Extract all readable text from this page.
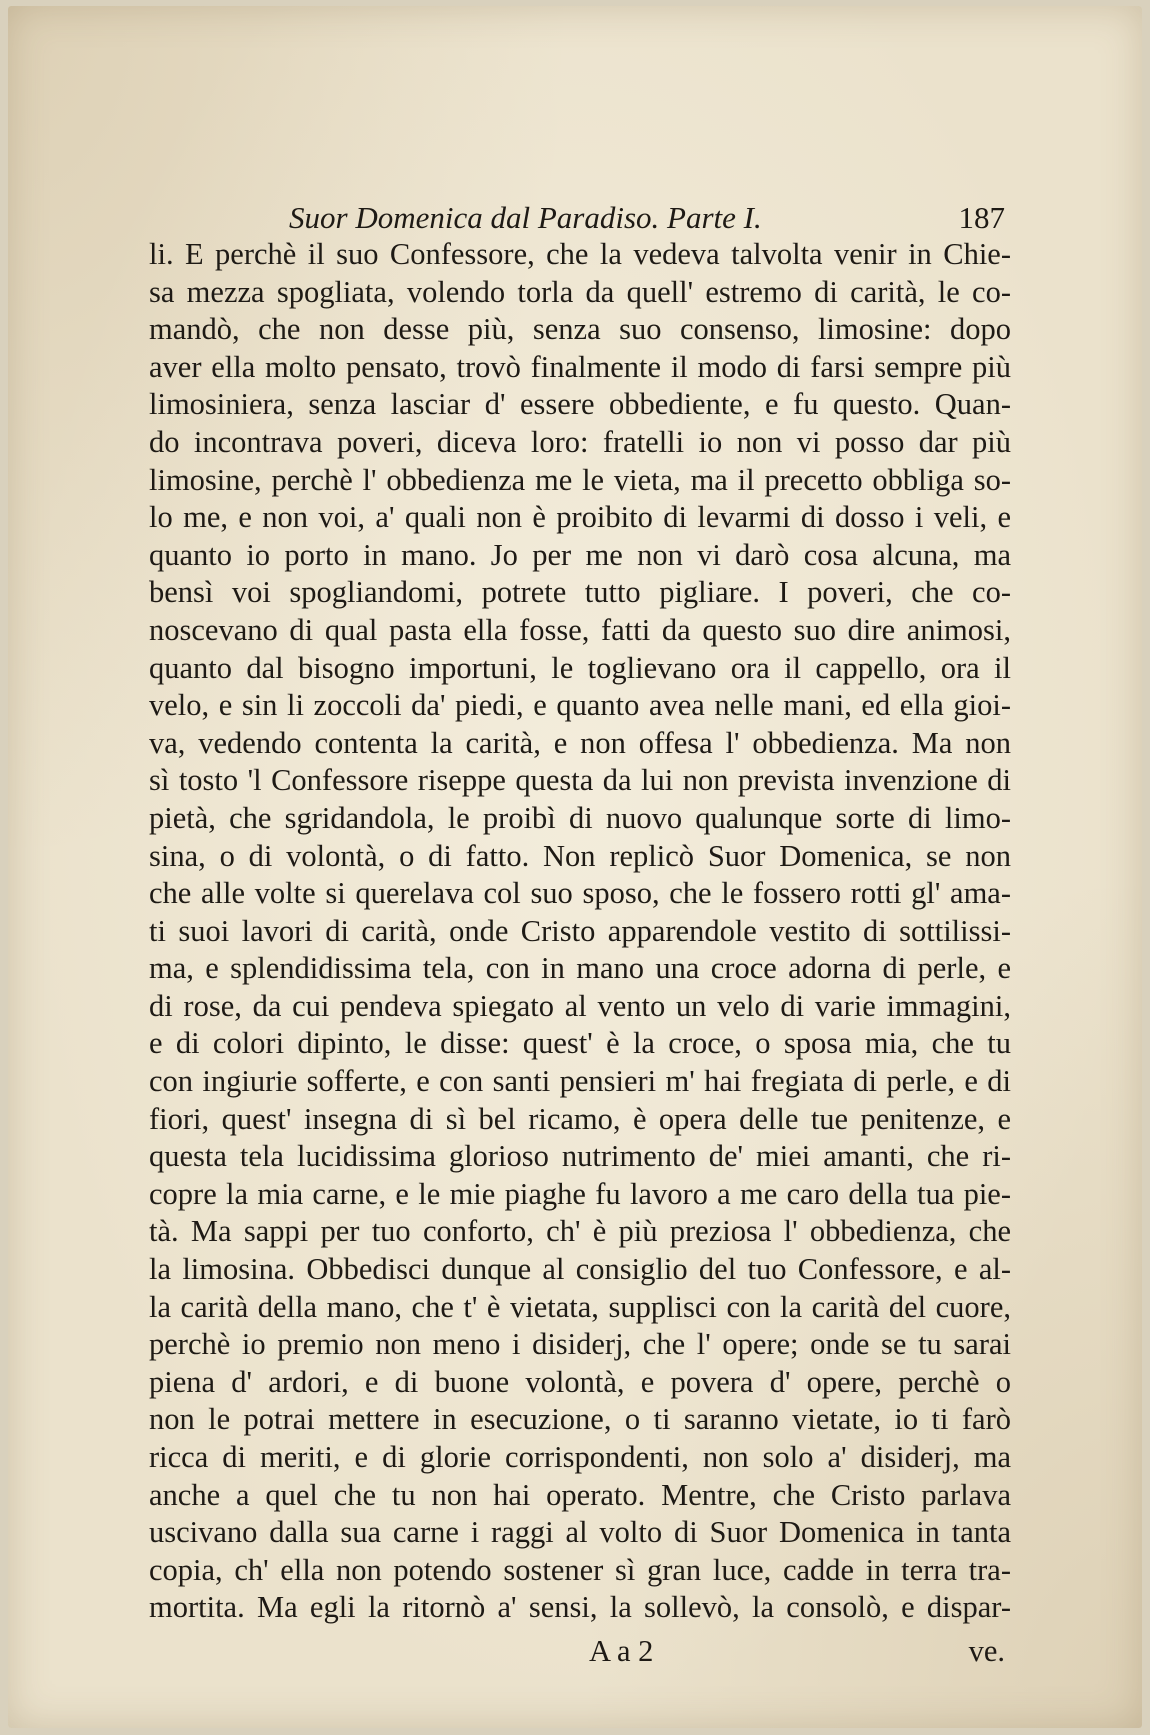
Suor Domenica dal Paradiso. Parte I.	187
li. E perchè il suo Confessore, che la vedeva talvolta venir in Chie-
sa mezza spogliata, volendo torla da quell' estremo di carità, le co-
mandò, che non desse più, senza suo consenso, limosine: dopo
aver ella molto pensato, trovò finalmente il modo di farsi sempre più
limosiniera, senza lasciar d' essere obbediente, e fu questo. Quan-
do incontrava poveri, diceva loro: fratelli io non vi posso dar più
limosine, perchè l' obbedienza me le vieta, ma il precetto obbliga so-
lo me, e non voi, a' quali non è proibito di levarmi di dosso i veli, e
quanto io porto in mano. Jo per me non vi darò cosa alcuna, ma
bensì voi spogliandomi, potrete tutto pigliare. I poveri, che co-
noscevano di qual pasta ella fosse, fatti da questo suo dire animosi,
quanto dal bisogno importuni, le toglievano ora il cappello, ora il
velo, e sin li zoccoli da' piedi, e quanto avea nelle mani, ed ella gioi-
va, vedendo contenta la carità, e non offesa l' obbedienza. Ma non
sì tosto 'l Confessore riseppe questa da lui non prevista invenzione di
pietà, che sgridandola, le proibì di nuovo qualunque sorte di limo-
sina, o di volontà, o di fatto. Non replicò Suor Domenica, se non
che alle volte si querelava col suo sposo, che le fossero rotti gl' ama-
ti suoi lavori di carità, onde Cristo apparendole vestito di sottilissi-
ma, e splendidissima tela, con in mano una croce adorna di perle, e
di rose, da cui pendeva spiegato al vento un velo di varie immagini,
e di colori dipinto, le disse: quest' è la croce, o sposa mia, che tu
con ingiurie sofferte, e con santi pensieri m' hai fregiata di perle, e di
fiori, quest' insegna di sì bel ricamo, è opera delle tue penitenze, e
questa tela lucidissima glorioso nutrimento de' miei amanti, che ri-
copre la mia carne, e le mie piaghe fu lavoro a me caro della tua pie-
tà. Ma sappi per tuo conforto, ch' è più preziosa l' obbedienza, che
la limosina. Obbedisci dunque al consiglio del tuo Confessore, e al-
la carità della mano, che t' è vietata, supplisci con la carità del cuore,
perchè io premio non meno i disiderj, che l' opere; onde se tu sarai
piena d' ardori, e di buone volontà, e povera d' opere, perchè o
non le potrai mettere in esecuzione, o ti saranno vietate, io ti farò
ricca di meriti, e di glorie corrispondenti, non solo a' disiderj, ma
anche a quel che tu non hai operato. Mentre, che Cristo parlava
uscivano dalla sua carne i raggi al volto di Suor Domenica in tanta
copia, ch' ella non potendo sostener sì gran luce, cadde in terra tra-
mortita. Ma egli la ritornò a' sensi, la sollevò, la consolò, e dispar-
A a 2	ve.
